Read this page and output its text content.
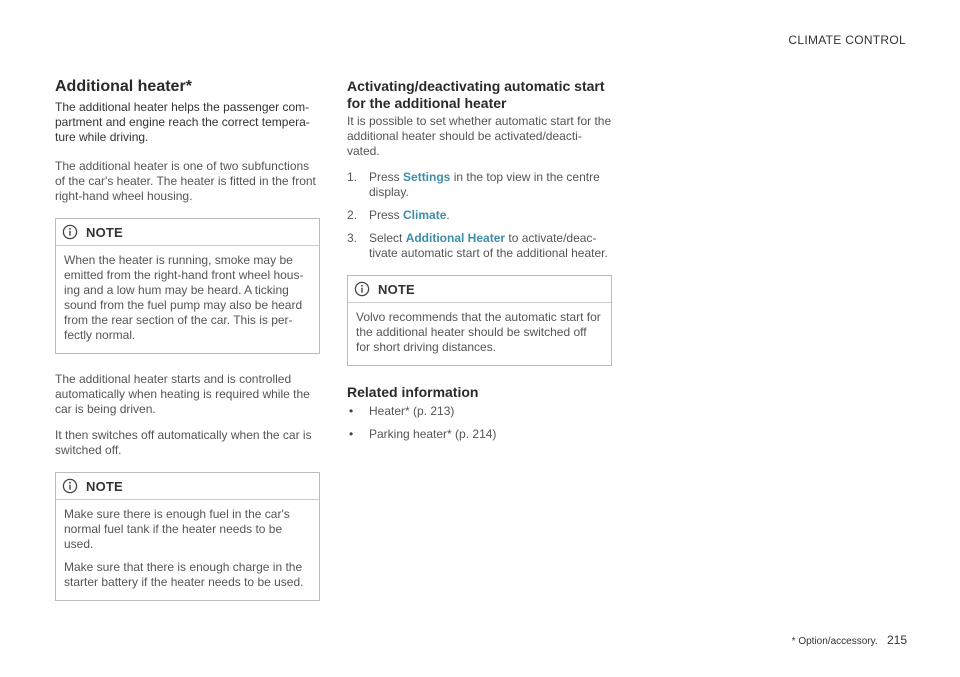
CLIMATE CONTROL
Additional heater*

The additional heater helps the passenger com-partment and engine reach the correct tempera-ture while driving.

The additional heater is one of two subfunctions of the car's heater. The heater is fitted in the front right-hand wheel housing.

NOTE

When the heater is running, smoke may be emitted from the right-hand front wheel hous-ing and a low hum may be heard. A ticking sound from the fuel pump may also be heard from the rear section of the car. This is per-fectly normal.

The additional heater starts and is controlled automatically when heating is required while the car is being driven.

It then switches off automatically when the car is switched off.

NOTE

Make sure there is enough fuel in the car's normal fuel tank if the heater needs to be used.

Make sure that there is enough charge in the starter battery if the heater needs to be used.

Activating/deactivating automatic start for the additional heater

It is possible to set whether automatic start for the additional heater should be activated/deacti-vated.

1. Press Settings in the top view in the centre display.
2. Press Climate.
3. Select Additional Heater to activate/deac-tivate automatic start of the additional heater.
NOTE

Volvo recommends that the automatic start for the additional heater should be switched off for short driving distances.

Related information
• Heater* (p. 213)
• Parking heater* (p. 214)
* Option/accessory. 215
